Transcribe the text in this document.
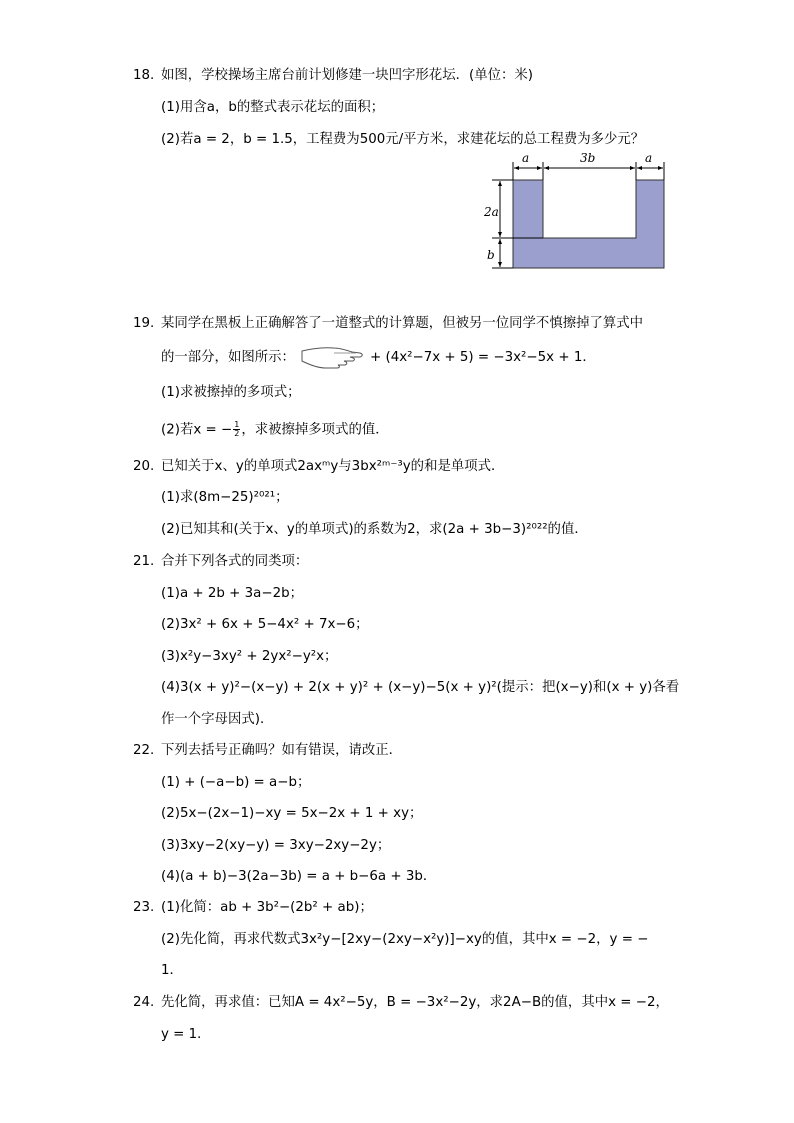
18. 如图，学校操场主席台前计划修建一块凹字形花坛．(单位：米)
(1)用含a，b的整式表示花坛的面积；
(2)若a = 2，b = 1.5，工程费为500元/平方米，求建花坛的总工程费为多少元？
a	3b	a
2a
b
19. 某同学在黑板上正确解答了一道整式的计算题，但被另一位同学不慎擦掉了算式中
的一部分，如图所示：	+ (4x²−7x + 5) = −3x²−5x + 1．
(1)求被擦掉的多项式；
(2)若x = − $\frac{1}{2}$ ，求被擦掉多项式的值．
20. 已知关于x、y的单项式2axᵐy与3bx²ᵐ⁻³y的和是单项式．
(1)求(8m−25)²⁰²¹；
(2)已知其和(关于x、y的单项式)的系数为2，求(2a + 3b−3)²⁰²²的值．
21. 合并下列各式的同类项：
(1)a + 2b + 3a−2b；
(2)3x² + 6x + 5−4x² + 7x−6；
(3)x²y−3xy² + 2yx²−y²x；
(4)3(x + y)²−(x−y) + 2(x + y)² + (x−y)−5(x + y)²(提示：把(x−y)和(x + y)各看
作一个字母因式)．
22. 下列去括号正确吗？如有错误，请改正．
(1) + (−a−b) = a−b；
(2)5x−(2x−1)−xy = 5x−2x + 1 + xy；
(3)3xy−2(xy−y) = 3xy−2xy−2y；
(4)(a + b)−3(2a−3b) = a + b−6a + 3b．
23. (1)化简：ab + 3b²−(2b² + ab)；
(2)先化简，再求代数式3x²y−[2xy−(2xy−x²y)]−xy的值，其中x = −2，y = −
1．
24. 先化简，再求值：已知A = 4x²−5y，B = −3x²−2y，求2A−B的值，其中x = −2，
y = 1．
